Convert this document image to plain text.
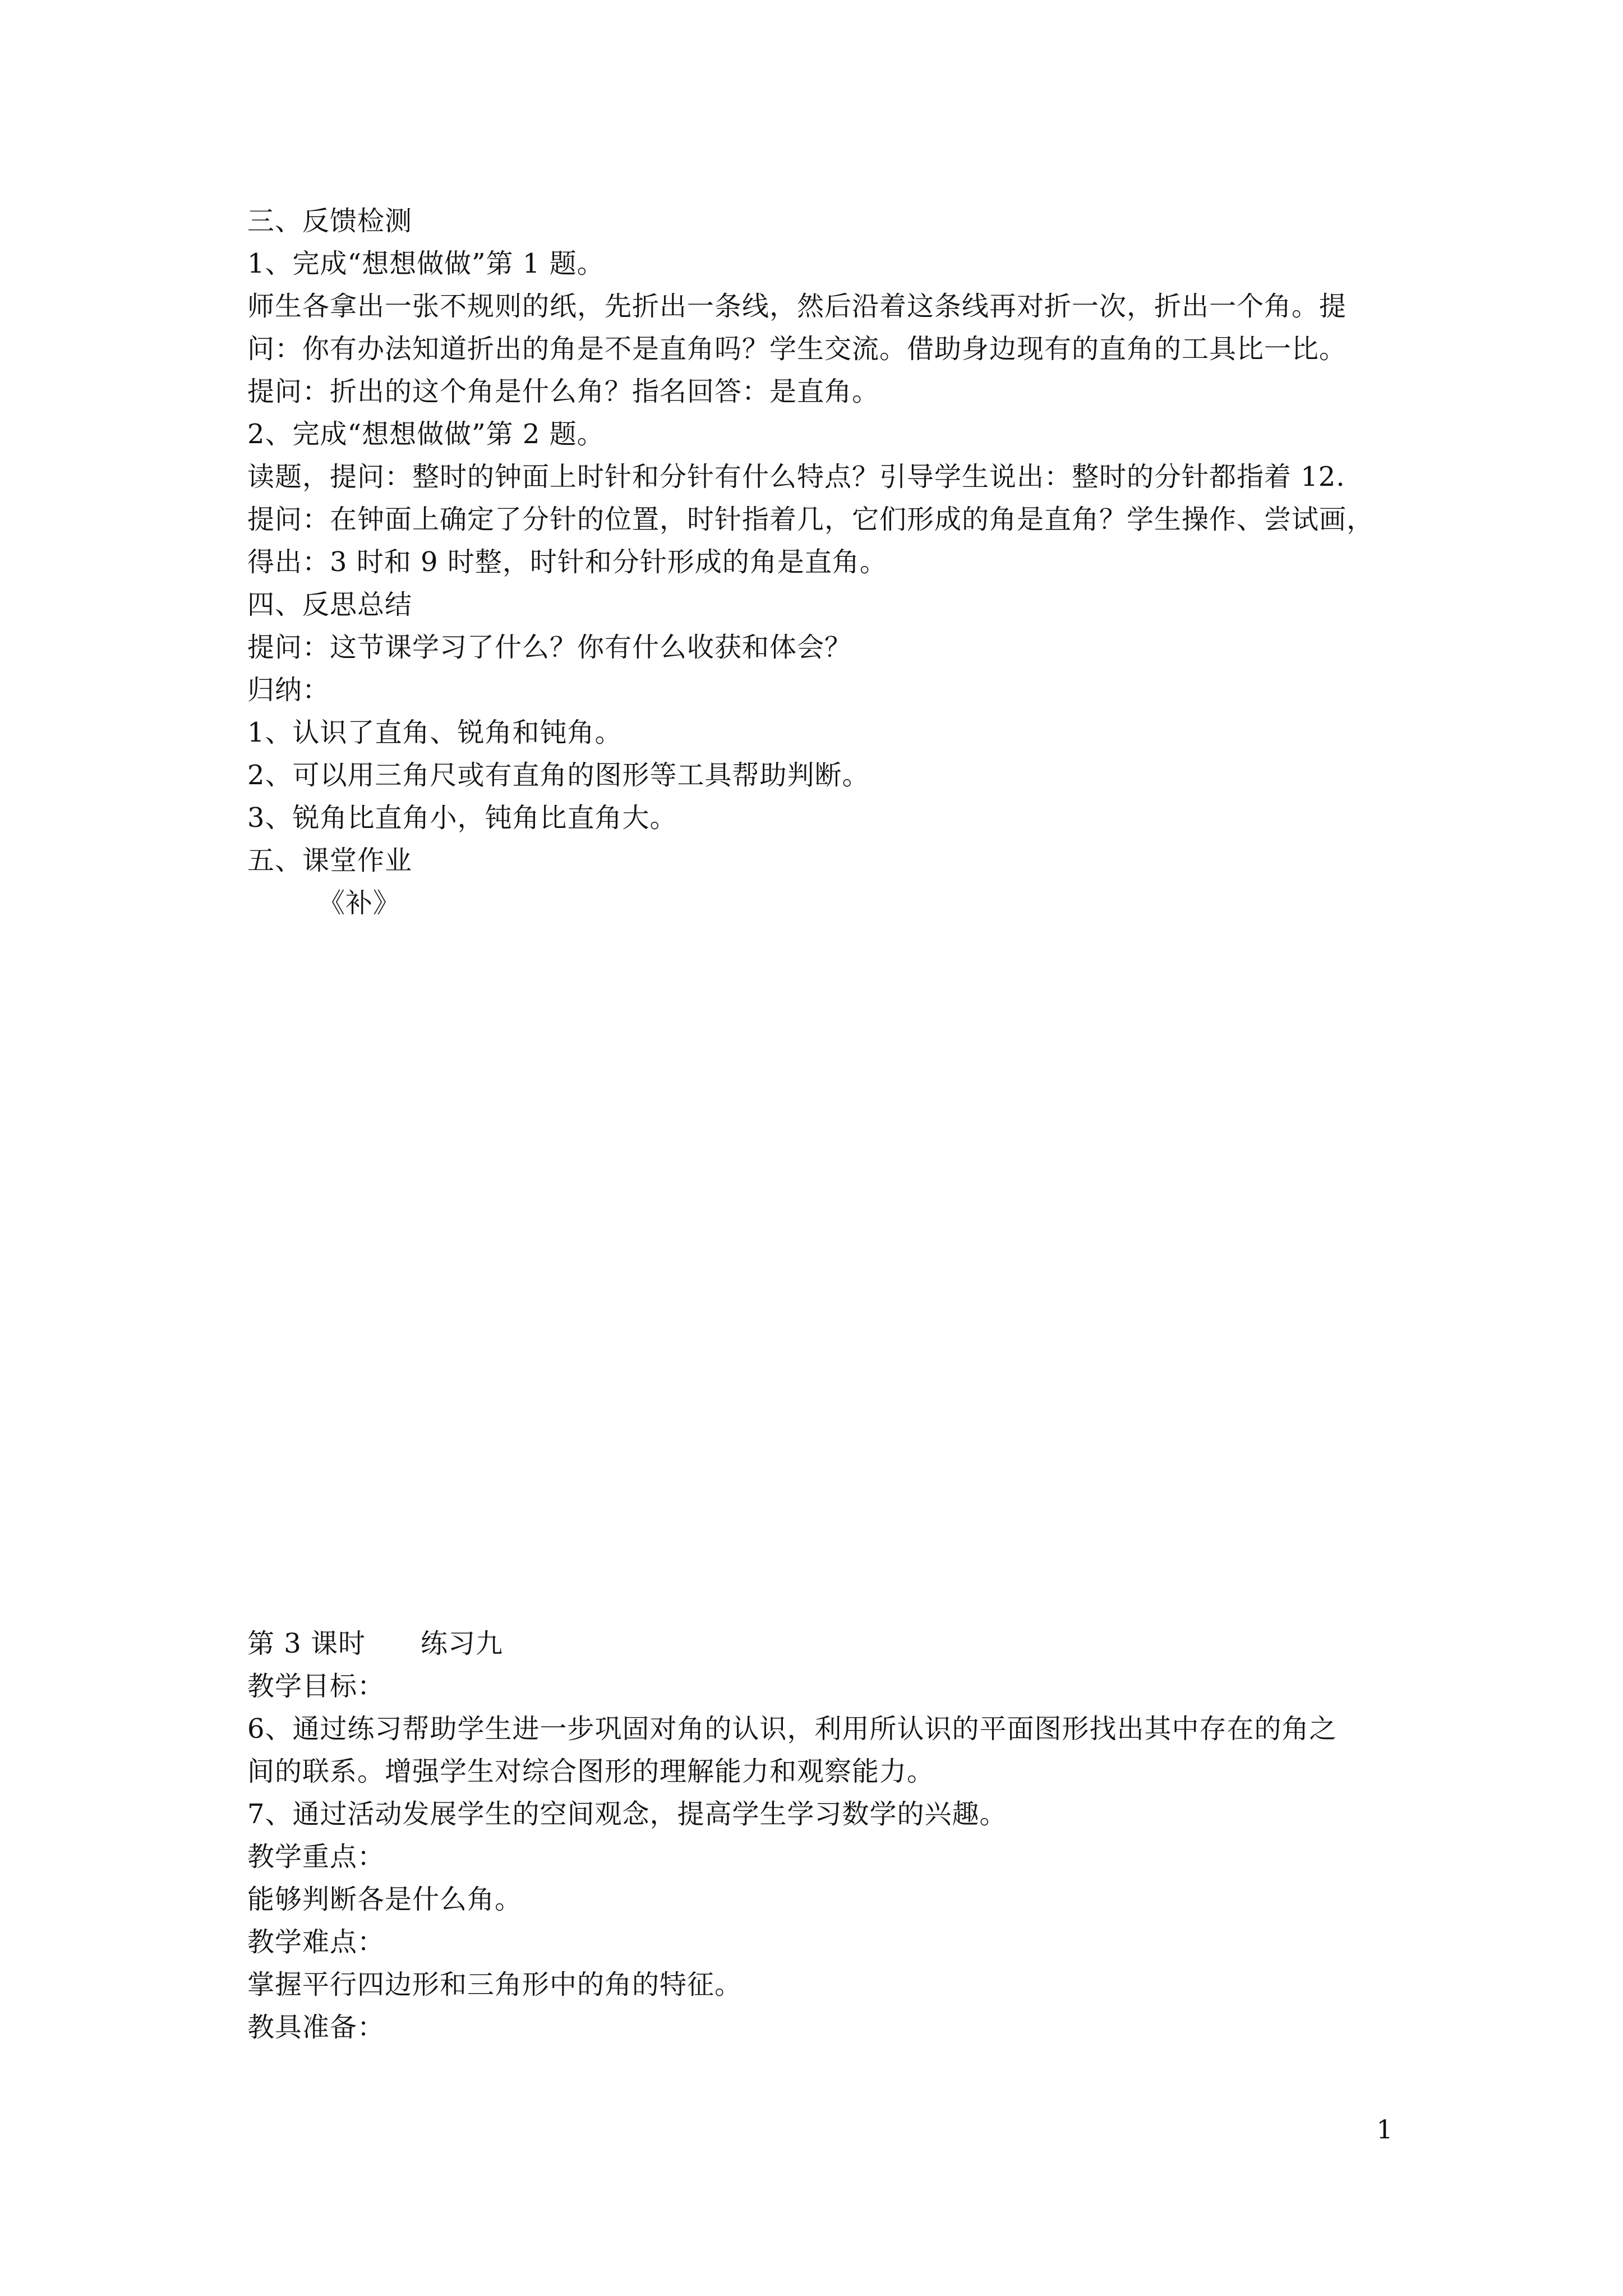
三、反馈检测
1、完成“想想做做”第 1 题。
师生各拿出一张不规则的纸，先折出一条线，然后沿着这条线再对折一次，折出一个角。提
问：你有办法知道折出的角是不是直角吗？学生交流。借助身边现有的直角的工具比一比。
提问：折出的这个角是什么角？指名回答：是直角。
2、完成“想想做做”第 2 题。
读题，提问：整时的钟面上时针和分针有什么特点？引导学生说出：整时的分针都指着 12.
提问：在钟面上确定了分针的位置，时针指着几，它们形成的角是直角？学生操作、尝试画，
得出：3 时和 9 时整，时针和分针形成的角是直角。
四、反思总结
提问：这节课学习了什么？你有什么收获和体会？
归纳：
1、认识了直角、锐角和钝角。
2、可以用三角尺或有直角的图形等工具帮助判断。
3、锐角比直角小，钝角比直角大。
五、课堂作业
《补》
第 3 课时　　练习九
教学目标：
6、通过练习帮助学生进一步巩固对角的认识，利用所认识的平面图形找出其中存在的角之
间的联系。增强学生对综合图形的理解能力和观察能力。
7、通过活动发展学生的空间观念，提高学生学习数学的兴趣。
教学重点：
能够判断各是什么角。
教学难点：
掌握平行四边形和三角形中的角的特征。
教具准备：
1
